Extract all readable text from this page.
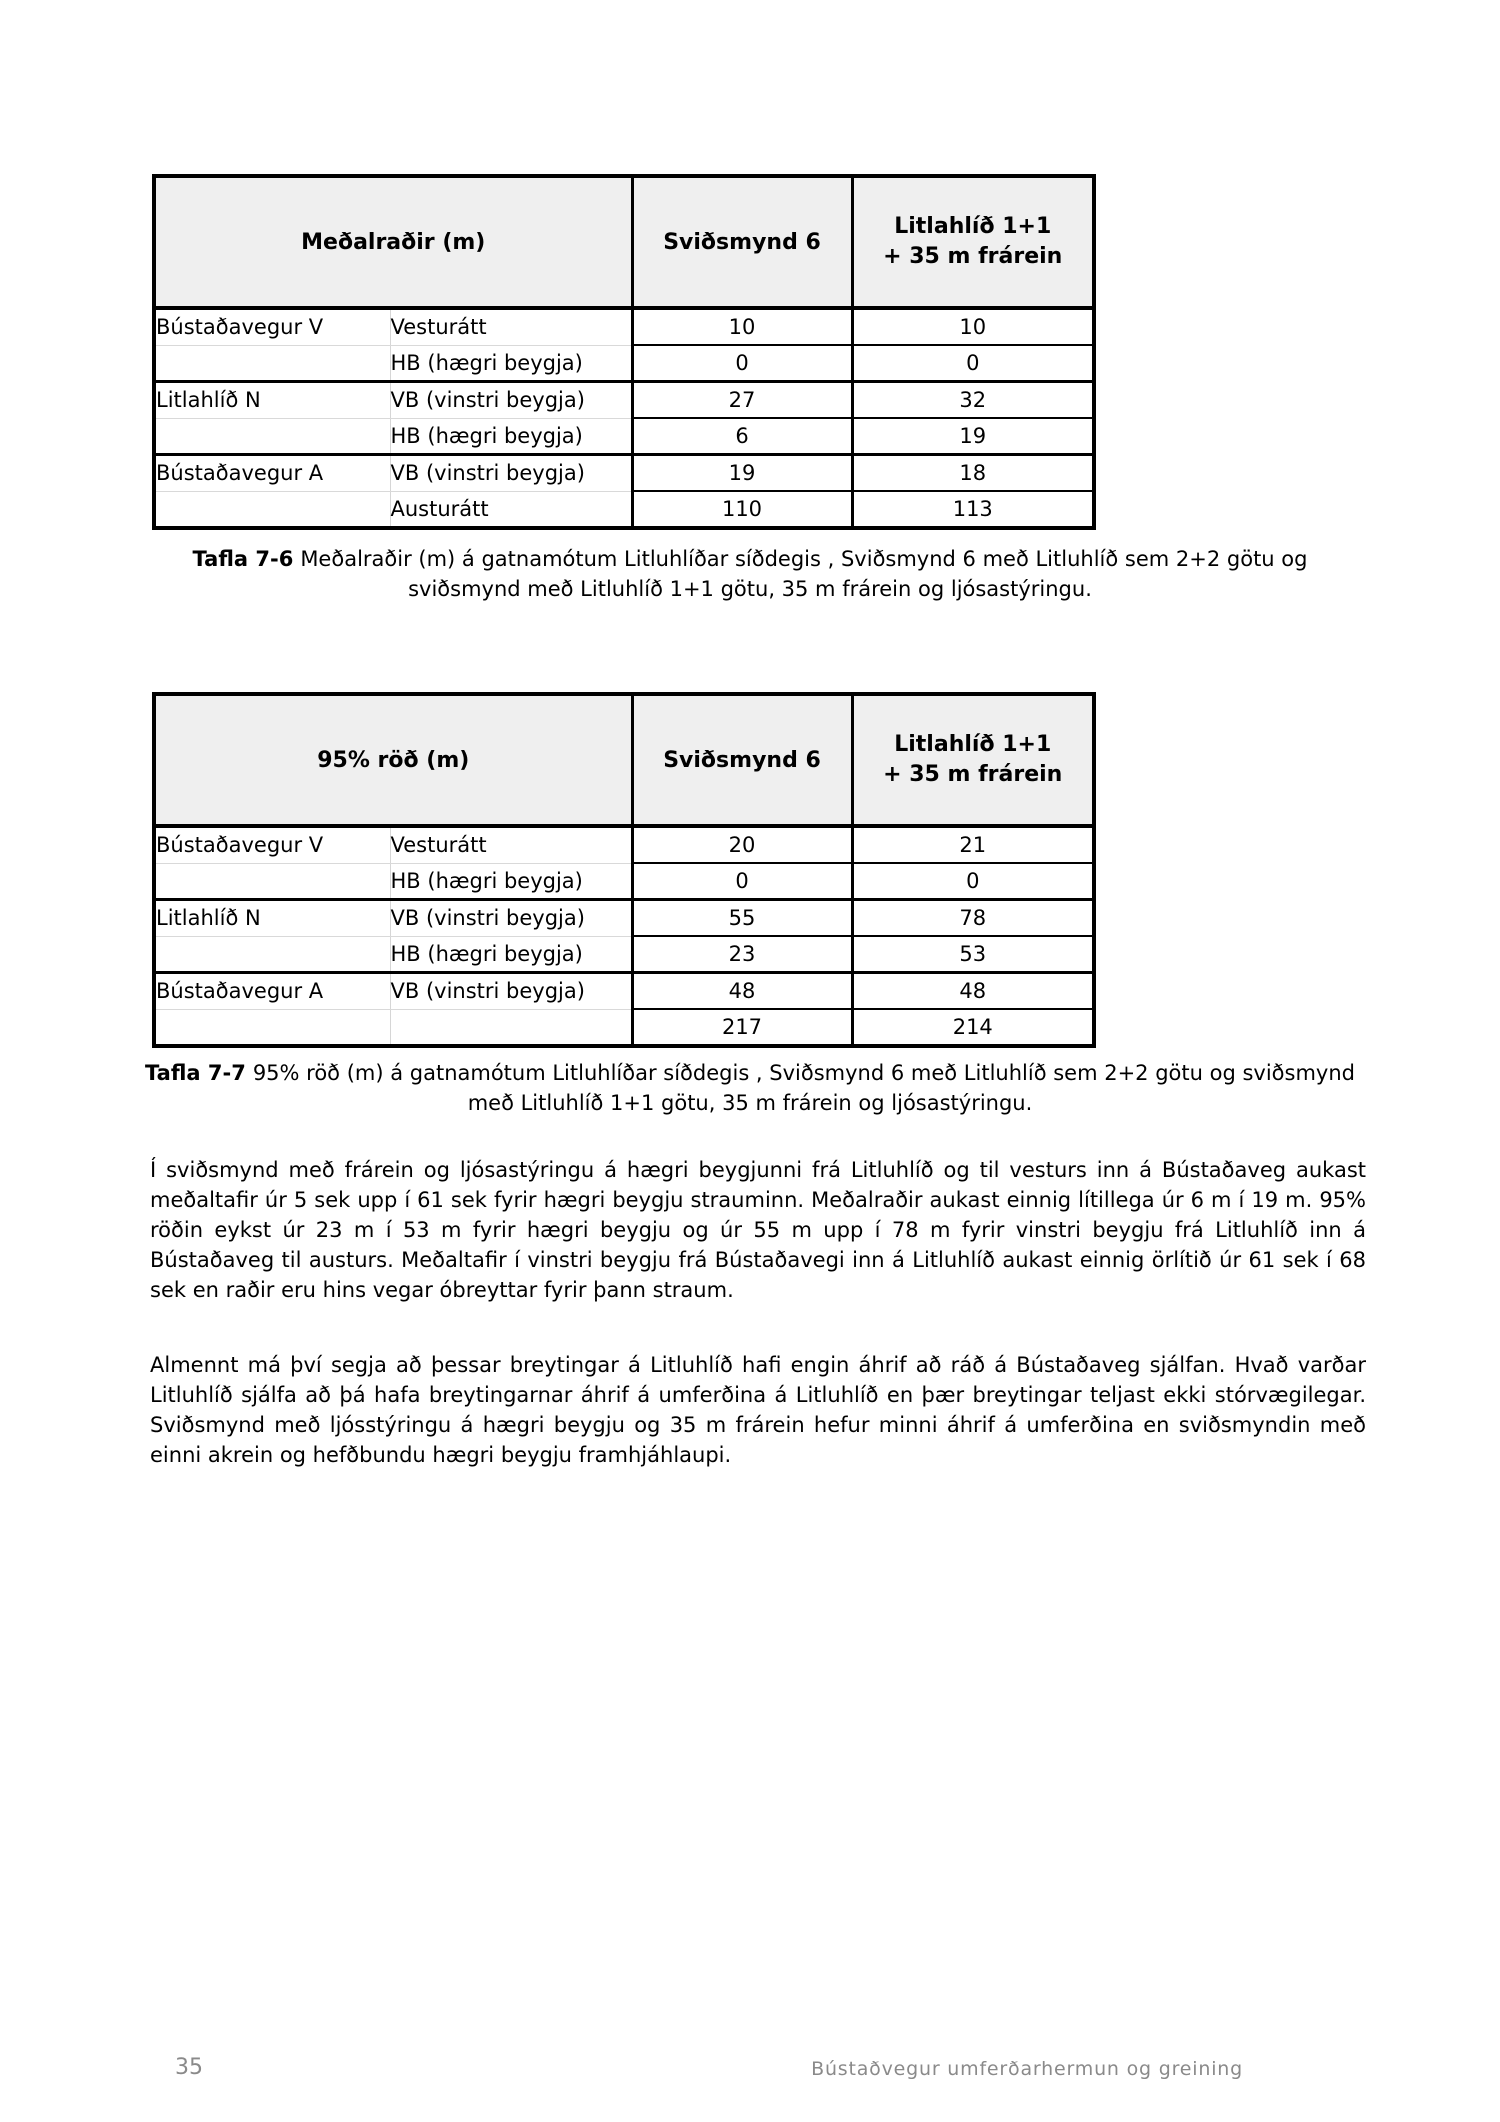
Meðalraðir (m)		Sviðsmynd 6	Litlahlíð 1+1
+ 35 m frárein

Bústaðavegur V	Vesturátt	10	10
	HB (hægri beygja)	0	0
Litlahlíð N	VB (vinstri beygja)	27	32
	HB (hægri beygja)	6	19
Bústaðavegur A	VB (vinstri beygja)	19	18
	Austurátt	110	113
Tafla 7-6 Meðalraðir (m) á gatnamótum Litluhlíðar síðdegis , Sviðsmynd 6 með Litluhlíð sem 2+2 götu og sviðsmynd með Litluhlíð 1+1 götu, 35 m frárein og ljósastýringu.
95% röð (m)		Sviðsmynd 6	Litlahlíð 1+1
+ 35 m frárein

Bústaðavegur V	Vesturátt	20	21
	HB (hægri beygja)	0	0
Litlahlíð N	VB (vinstri beygja)	55	78
	HB (hægri beygja)	23	53
Bústaðavegur A	VB (vinstri beygja)	48	48
		217	214
Tafla 7-7 95% röð (m) á gatnamótum Litluhlíðar síðdegis , Sviðsmynd 6 með Litluhlíð sem 2+2 götu og sviðsmynd með Litluhlíð 1+1 götu, 35 m frárein og ljósastýringu.
Í sviðsmynd með frárein og ljósastýringu á hægri beygjunni frá Litluhlíð og til vesturs inn á Bústaðaveg aukast meðaltafir úr 5 sek upp í 61 sek fyrir hægri beygju strauminn. Meðalraðir aukast einnig lítillega úr 6 m í 19 m. 95% röðin eykst úr 23 m í 53 m fyrir hægri beygju og úr 55 m upp í 78 m fyrir vinstri beygju frá Litluhlíð inn á Bústaðaveg til austurs. Meðaltafir í vinstri beygju frá Bústaðavegi inn á Litluhlíð aukast einnig örlítið úr 61 sek í 68 sek en raðir eru hins vegar óbreyttar fyrir þann straum.
Almennt má því segja að þessar breytingar á Litluhlíð hafi engin áhrif að ráð á Bústaðaveg sjálfan. Hvað varðar Litluhlíð sjálfa að þá hafa breytingarnar áhrif á umferðina á Litluhlíð en þær breytingar teljast ekki stórvægilegar. Sviðsmynd með ljósstýringu á hægri beygju og 35 m frárein hefur minni áhrif á umferðina en sviðsmyndin með einni akrein og hefðbundu hægri beygju framhjáhlaupi.
35	Bústaðvegur umferðarhermun og greining
